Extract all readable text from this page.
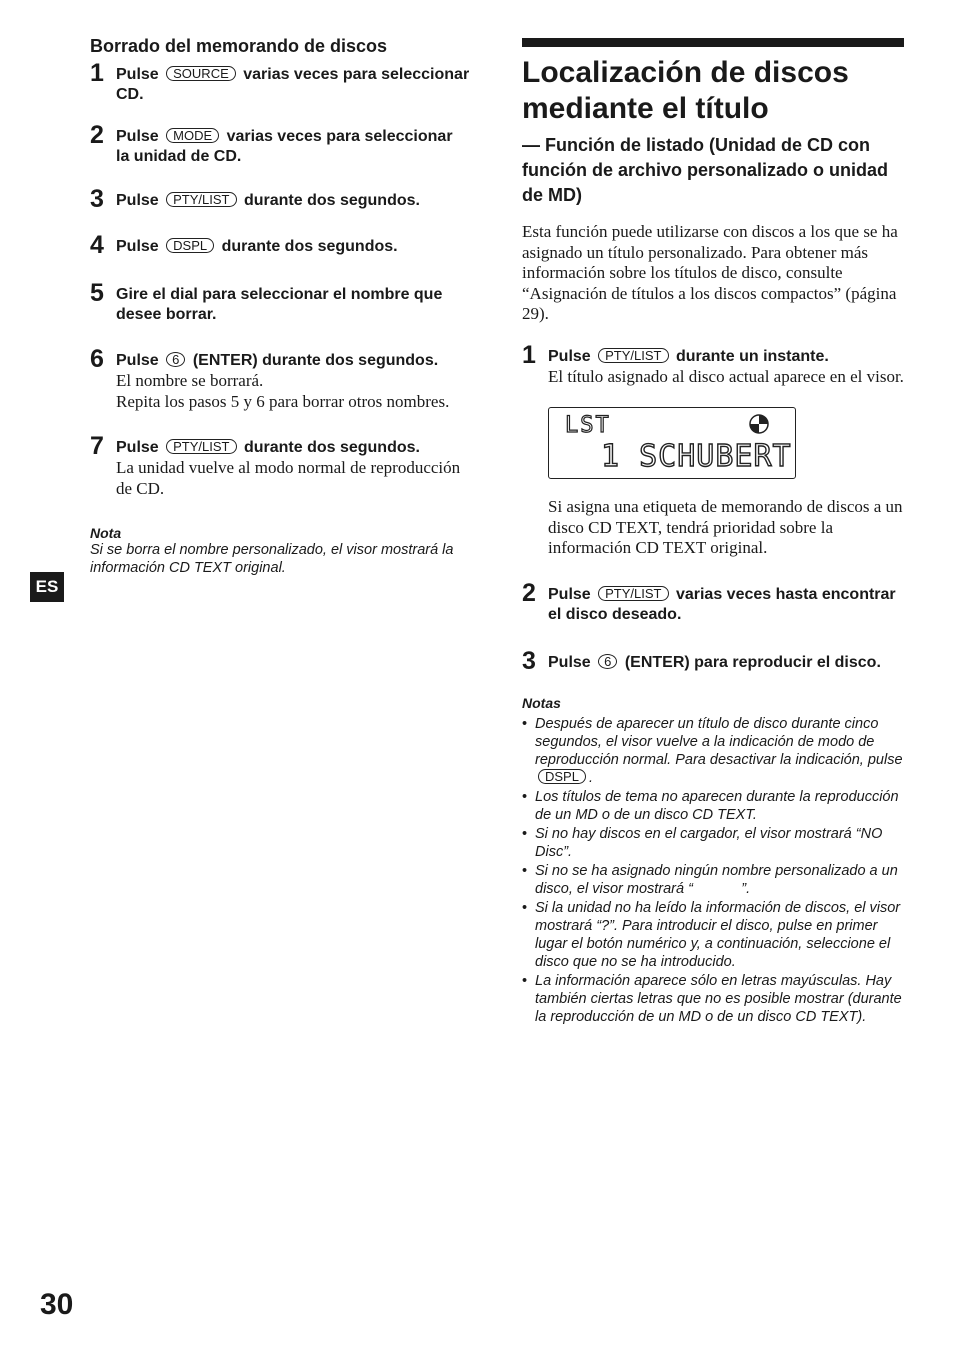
Borrado del memorando de discos
1 Pulse SOURCE varias veces para seleccionar CD.
2 Pulse MODE varias veces para seleccionar la unidad de CD.
3 Pulse PTY/LIST durante dos segundos.
4 Pulse DSPL durante dos segundos.
5 Gire el dial para seleccionar el nombre que desee borrar.
6 Pulse 6 (ENTER) durante dos segundos.
El nombre se borrará.
Repita los pasos 5 y 6 para borrar otros nombres.
7 Pulse PTY/LIST durante dos segundos.
La unidad vuelve al modo normal de reproducción de CD.
Nota
Si se borra el nombre personalizado, el visor mostrará la información CD TEXT original.
ES
30
Localización de discos mediante el título
— Función de listado (Unidad de CD con función de archivo personalizado o unidad de MD)
Esta función puede utilizarse con discos a los que se ha asignado un título personalizado. Para obtener más información sobre los títulos de disco, consulte “Asignación de títulos a los discos compactos” (página 29).
1 Pulse PTY/LIST durante un instante.
El título asignado al disco actual aparece en el visor.
LST
1 SCHUBERT
Si asigna una etiqueta de memorando de discos a un disco CD TEXT, tendrá prioridad sobre la información CD TEXT original.
2 Pulse PTY/LIST varias veces hasta encontrar el disco deseado.
3 Pulse 6 (ENTER) para reproducir el disco.
Notas
• Después de aparecer un título de disco durante cinco segundos, el visor vuelve a la indicación de modo de reproducción normal. Para desactivar la indicación, pulse DSPL .
• Los títulos de tema no aparecen durante la reproducción de un MD o de un disco CD TEXT.
• Si no hay discos en el cargador, el visor mostrará “NO Disc”.
• Si no se ha asignado ningún nombre personalizado a un disco, el visor mostrará “            ”.
• Si la unidad no ha leído la información de discos, el visor mostrará “?”. Para introducir el disco, pulse en primer lugar el botón numérico y, a continuación, seleccione el disco que no se ha introducido.
• La información aparece sólo en letras mayúsculas. Hay también ciertas letras que no es posible mostrar (durante la reproducción de un MD o de un disco CD TEXT).
